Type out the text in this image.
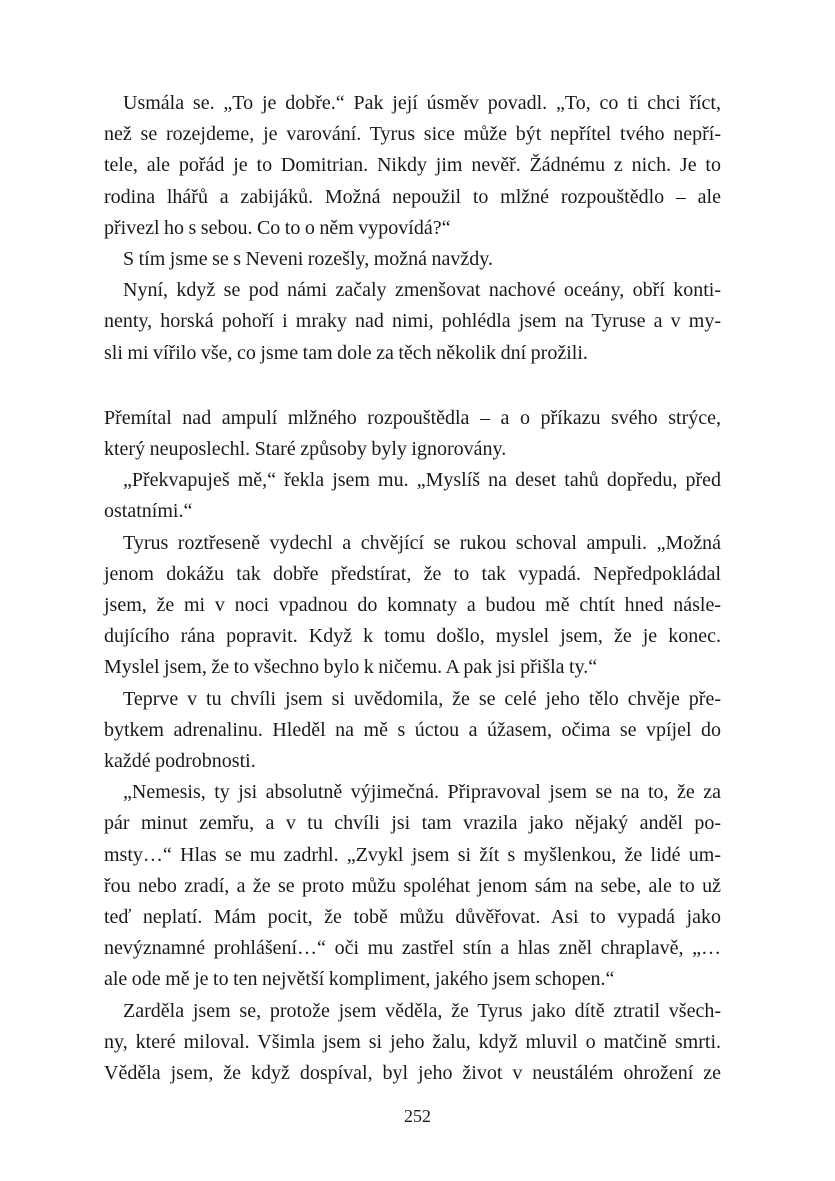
Usmála se. „To je dobře.“ Pak její úsměv povadl. „To, co ti chci říct,
než se rozejdeme, je varování. Tyrus sice může být nepřítel tvého nepří-
tele, ale pořád je to Domitrian. Nikdy jim nevěř. Žádnému z nich. Je to
rodina lhářů a zabijáků. Možná nepoužil to mlžné rozpouštědlo – ale
přivezl ho s sebou. Co to o něm vypovídá?“
S tím jsme se s Neveni rozešly, možná navždy.
Nyní, když se pod námi začaly zmenšovat nachové oceány, obří konti-
nenty, horská pohoří i mraky nad nimi, pohlédla jsem na Tyruse a v my-
sli mi vířilo vše, co jsme tam dole za těch několik dní prožili.
Přemítal nad ampulí mlžného rozpouštědla – a o příkazu svého strýce,
který neuposlechl. Staré způsoby byly ignorovány.
„Překvapuješ mě,“ řekla jsem mu. „Myslíš na deset tahů dopředu, před
ostatními.“
Tyrus roztřeseně vydechl a chvějící se rukou schoval ampuli. „Možná
jenom dokážu tak dobře předstírat, že to tak vypadá. Nepředpokládal
jsem, že mi v noci vpadnou do komnaty a budou mě chtít hned násle-
dujícího rána popravit. Když k tomu došlo, myslel jsem, že je konec.
Myslel jsem, že to všechno bylo k ničemu. A pak jsi přišla ty.“
Teprve v tu chvíli jsem si uvědomila, že se celé jeho tělo chvěje pře-
bytkem adrenalinu. Hleděl na mě s úctou a úžasem, očima se vpíjel do
každé podrobnosti.
„Nemesis, ty jsi absolutně výjimečná. Připravoval jsem se na to, že za
pár minut zemřu, a v tu chvíli jsi tam vrazila jako nějaký anděl po-
msty…“ Hlas se mu zadrhl. „Zvykl jsem si žít s myšlenkou, že lidé um-
řou nebo zradí, a že se proto můžu spoléhat jenom sám na sebe, ale to už
teď neplatí. Mám pocit, že tobě můžu důvěřovat. Asi to vypadá jako
nevýznamné prohlášení…“ oči mu zastřel stín a hlas zněl chraplavě, „…
ale ode mě je to ten největší kompliment, jakého jsem schopen.“
Zarděla jsem se, protože jsem věděla, že Tyrus jako dítě ztratil všech-
ny, které miloval. Všimla jsem si jeho žalu, když mluvil o matčině smrti.
Věděla jsem, že když dospíval, byl jeho život v neustálém ohrožení ze
252
